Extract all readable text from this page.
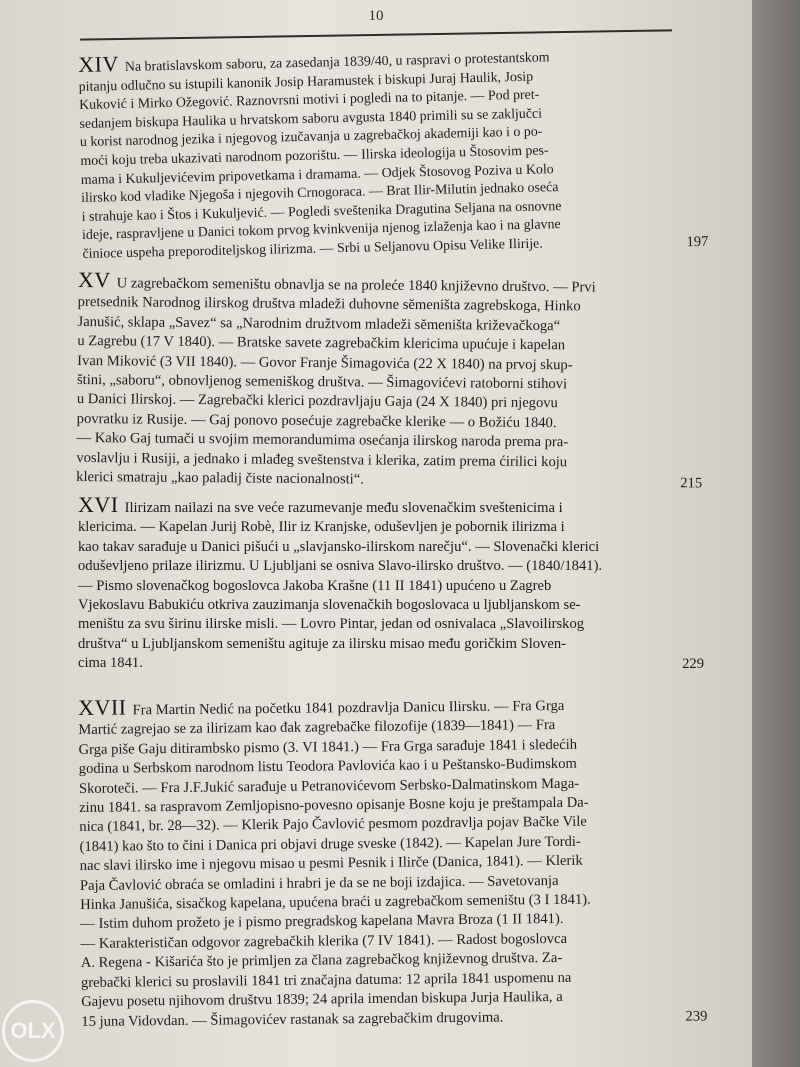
10
XIV Na bratislavskom saboru, za zasedanja 1839/40, u raspravi o protestantskom
pitanju odlučno su istupili kanonik Josip Haramustek i biskupi Juraj Haulik, Josip
Kuković i Mirko Ožegović. Raznovrsni motivi i pogledi na to pitanje. — Pod pret-
sedanjem biskupa Haulika u hrvatskom saboru avgusta 1840 primili su se zaključci
u korist narodnog jezika i njegovog izučavanja u zagrebačkoj akademiji kao i o po-
moći koju treba ukazivati narodnom pozorištu. — Ilirska ideologija u Štosovim pes-
mama i Kukuljevićevim pripovetkama i dramama. — Odjek Štosovog Poziva u Kolo
ilirsko kod vladike Njegoša i njegovih Crnogoraca. — Brat Ilir-Milutin jednako oseća
i strahuje kao i Štos i Kukuljević. — Pogledi sveštenika Dragutina Seljana na osnovne
ideje, raspravljene u Danici tokom prvog kvinkvenija njenog izlaženja kao i na glavne
činioce uspeha preporoditeljskog ilirizma. — Srbi u Seljanovu Opisu Velike Ilirije.	197
XV U zagrebačkom semeništu obnavlja se na proleće 1840 književno društvo. — Prvi
pretsednik Narodnog ilirskog društva mladeži duhovne sĕmeništa zagrebskoga, Hinko
Janušić, sklapa „Savez“ sa „Narodnim družtvom mladeži sĕmeništa križevačkoga“
u Zagrebu (17 V 1840). — Bratske savete zagrebačkim klericima upućuje i kapelan
Ivan Miković (3 VII 1840). — Govor Franje Šimagovića (22 X 1840) na prvoj skup-
štini, „saboru“, obnovljenog semeniškog društva. — Šimagovićevi ratoborni stihovi
u Danici Ilirskoj. — Zagrebački klerici pozdravljaju Gaja (24 X 1840) pri njegovu
povratku iz Rusije. — Gaj ponovo posećuje zagrebačke klerike — o Božiću 1840.
— Kako Gaj tumači u svojim memorandumima osećanja ilirskog naroda prema pra-
voslavlju i Rusiji, a jednako i mlađeg sveštenstva i klerika, zatim prema ćirilici koju
klerici smatraju „kao paladij čiste nacionalnosti“.	215
XVI Ilirizam nailazi na sve veće razumevanje među slovenačkim sveštenicima i
klericima. — Kapelan Jurij Robè, Ilir iz Kranjske, oduševljen je pobornik ilirizma i
kao takav sarađuje u Danici pišući u „slavjansko-ilirskom narečju“. — Slovenački klerici
oduševljeno prilaze ilirizmu. U Ljubljani se osniva Slavo-ilirsko društvo. — (1840/1841).
— Pismo slovenačkog bogoslovca Jakoba Krašne (11 II 1841) upućeno u Zagreb
Vjekoslavu Babukiću otkriva zauzimanja slovenačkih bogoslovaca u ljubljanskom se-
meništu za svu širinu ilirske misli. — Lovro Pintar, jedan od osnivalaca „Slavoilirskog
društva“ u Ljubljanskom semeništu agituje za ilirsku misao među goričkim Sloven-
cima 1841.	229
XVII Fra Martin Nedić na početku 1841 pozdravlja Danicu Ilirsku. — Fra Grga
Martić zagrejao se za ilirizam kao đak zagrebačke filozofije (1839—1841) — Fra
Grga piše Gaju ditirambsko pismo (3. VI 1841.) — Fra Grga sarađuje 1841 i sledećih
godina u Serbskom narodnom listu Teodora Pavlovića kao i u Peštansko-Budimskom
Skoroteči. — Fra J.F.Jukić sarađuje u Petranovićevom Serbsko-Dalmatinskom Maga-
zinu 1841. sa raspravom Zemljopisno-povesno opisanje Bosne koju je preštampala Da-
nica (1841, br. 28—32). — Klerik Pajo Čavlović pesmom pozdravlja pojav Bačke Vile
(1841) kao što to čini i Danica pri objavi druge sveske (1842). — Kapelan Jure Tordi-
nac slavi ilirsko ime i njegovu misao u pesmi Pesnik i Ilirče (Danica, 1841). — Klerik
Paja Čavlović obraća se omladini i hrabri je da se ne boji izdajica. — Savetovanja
Hinka Janušića, sisačkog kapelana, upućena braći u zagrebačkom semeništu (3 I 1841).
— Istim duhom prožeto je i pismo pregradskog kapelana Mavra Broza (1 II 1841).
— Karakterističan odgovor zagrebačkih klerika (7 IV 1841). — Radost bogoslovca
A. Regena - Kišarića što je primljen za člana zagrebačkog književnog društva. Za-
grebački klerici su proslavili 1841 tri značajna datuma: 12 aprila 1841 uspomenu na
Gajevu posetu njihovom društvu 1839; 24 aprila imendan biskupa Jurja Haulika, a
15 juna Vidovdan. — Šimagovićev rastanak sa zagrebačkim drugovima.	239
OLX
